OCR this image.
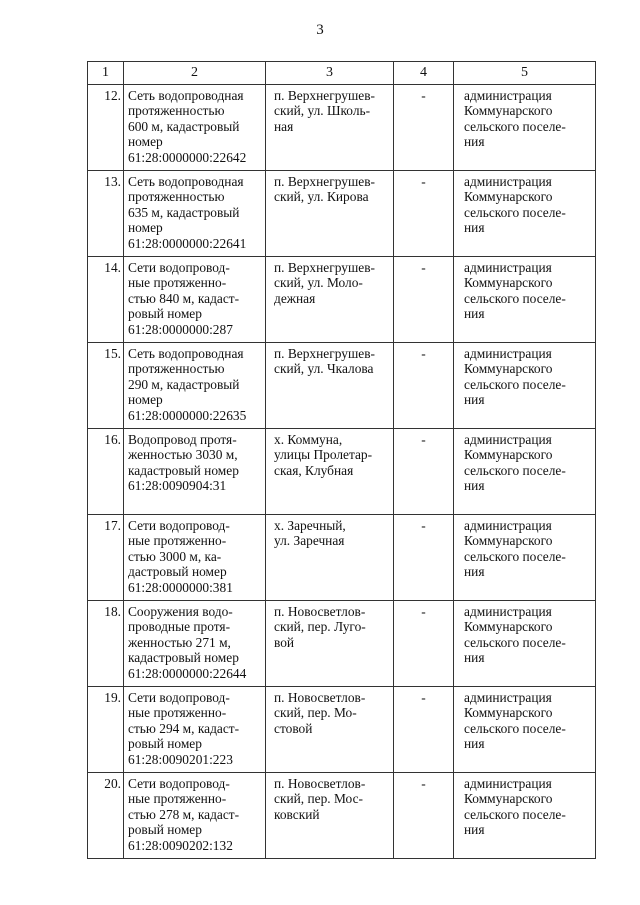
3
1	2	3	4	5
12.	Сеть водопроводная
протяженностью
600 м, кадастровый
номер
61:28:0000000:22642	п. Верхнегрушев-
ский, ул. Школь-
ная	-	администрация
Коммунарского
сельского поселе-
ния

13.	Сеть водопроводная
протяженностью
635 м, кадастровый
номер
61:28:0000000:22641	п. Верхнегрушев-
ский, ул. Кирова	-	администрация
Коммунарского
сельского поселе-
ния

14.	Сети водопровод-
ные протяженно-
стью 840 м, кадаст-
ровый номер
61:28:0000000:287	п. Верхнегрушев-
ский, ул. Моло-
дежная	-	администрация
Коммунарского
сельского поселе-
ния

15.	Сеть водопроводная
протяженностью
290 м, кадастровый
номер
61:28:0000000:22635	п. Верхнегрушев-
ский, ул. Чкалова	-	администрация
Коммунарского
сельского поселе-
ния

16.	Водопровод протя-
женностью 3030 м,
кадастровый номер
61:28:0090904:31	х. Коммуна,
улицы Пролетар-
ская, Клубная	-	администрация
Коммунарского
сельского поселе-
ния

17.	Сети водопровод-
ные протяженно-
стью 3000 м, ка-
дастровый номер
61:28:0000000:381	х. Заречный,
ул. Заречная	-	администрация
Коммунарского
сельского поселе-
ния

18.	Сооружения водо-
проводные протя-
женностью 271 м,
кадастровый номер
61:28:0000000:22644	п. Новосветлов-
ский, пер. Луго-
вой	-	администрация
Коммунарского
сельского поселе-
ния

19.	Сети водопровод-
ные протяженно-
стью 294 м, кадаст-
ровый номер
61:28:0090201:223	п. Новосветлов-
ский, пер. Мо-
стовой	-	администрация
Коммунарского
сельского поселе-
ния

20.	Сети водопровод-
ные протяженно-
стью 278 м, кадаст-
ровый номер
61:28:0090202:132	п. Новосветлов-
ский, пер. Мос-
ковский	-	администрация
Коммунарского
сельского поселе-
ния
